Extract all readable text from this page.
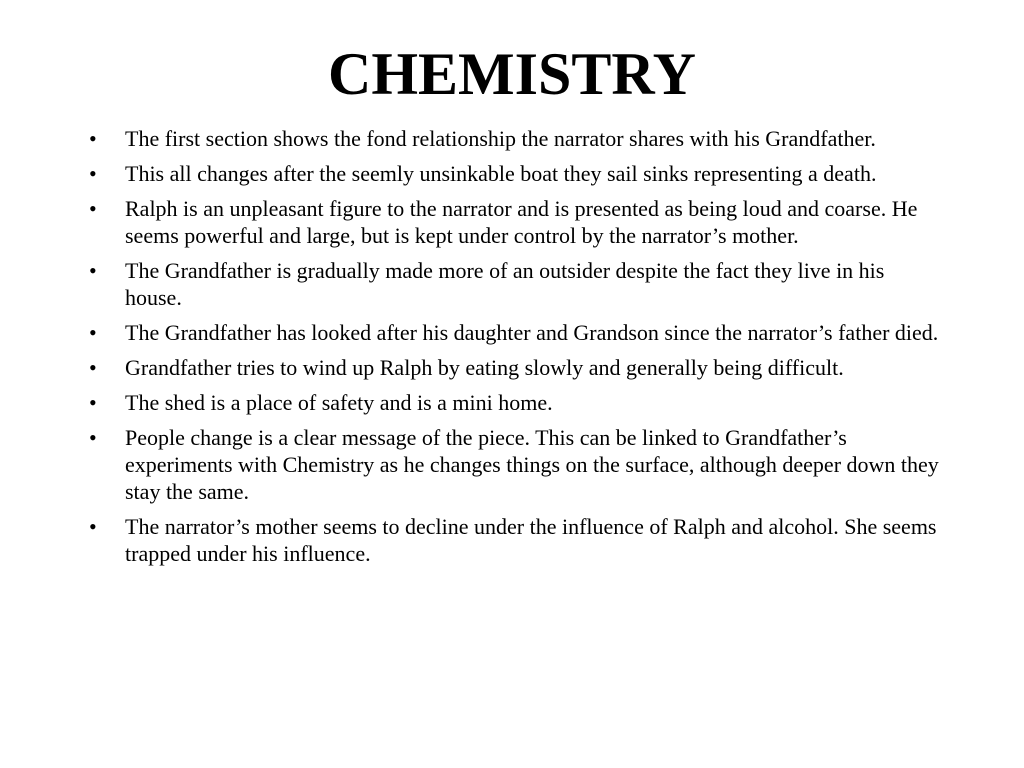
CHEMISTRY
• The first section shows the fond relationship the narrator shares with his Grandfather.
• This all changes after the seemly unsinkable boat they sail sinks representing a death.
• Ralph is an unpleasant figure to the narrator and is presented as being loud and coarse. He seems powerful and large, but is kept under control by the narrator’s mother.
• The Grandfather is gradually made more of an outsider despite the fact they live in his house.
• The Grandfather has looked after his daughter and Grandson since the narrator’s father died.
• Grandfather tries to wind up Ralph by eating slowly and generally being difficult.
• The shed is a place of safety and is a mini home.
• People change is a clear message of the piece. This can be linked to Grandfather’s experiments with Chemistry as he changes things on the surface, although deeper down they stay the same.
• The narrator’s mother seems to decline under the influence of Ralph and alcohol. She seems trapped under his influence.
